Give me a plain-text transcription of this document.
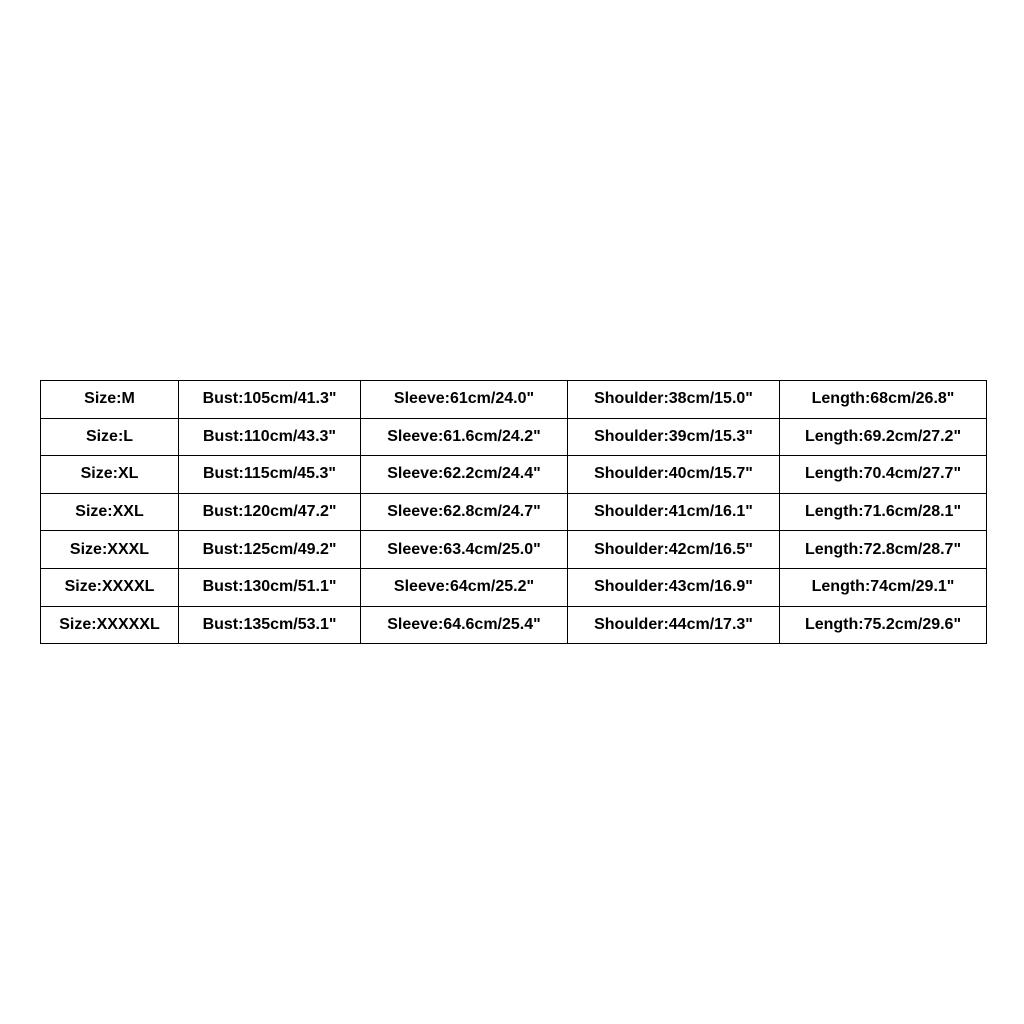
Size:M	Bust:105cm/41.3"	Sleeve:61cm/24.0"	Shoulder:38cm/15.0"	Length:68cm/26.8"
Size:L	Bust:110cm/43.3"	Sleeve:61.6cm/24.2"	Shoulder:39cm/15.3"	Length:69.2cm/27.2"
Size:XL	Bust:115cm/45.3"	Sleeve:62.2cm/24.4"	Shoulder:40cm/15.7"	Length:70.4cm/27.7"
Size:XXL	Bust:120cm/47.2"	Sleeve:62.8cm/24.7"	Shoulder:41cm/16.1"	Length:71.6cm/28.1"
Size:XXXL	Bust:125cm/49.2"	Sleeve:63.4cm/25.0"	Shoulder:42cm/16.5"	Length:72.8cm/28.7"
Size:XXXXL	Bust:130cm/51.1"	Sleeve:64cm/25.2"	Shoulder:43cm/16.9"	Length:74cm/29.1"
Size:XXXXXL	Bust:135cm/53.1"	Sleeve:64.6cm/25.4"	Shoulder:44cm/17.3"	Length:75.2cm/29.6"
